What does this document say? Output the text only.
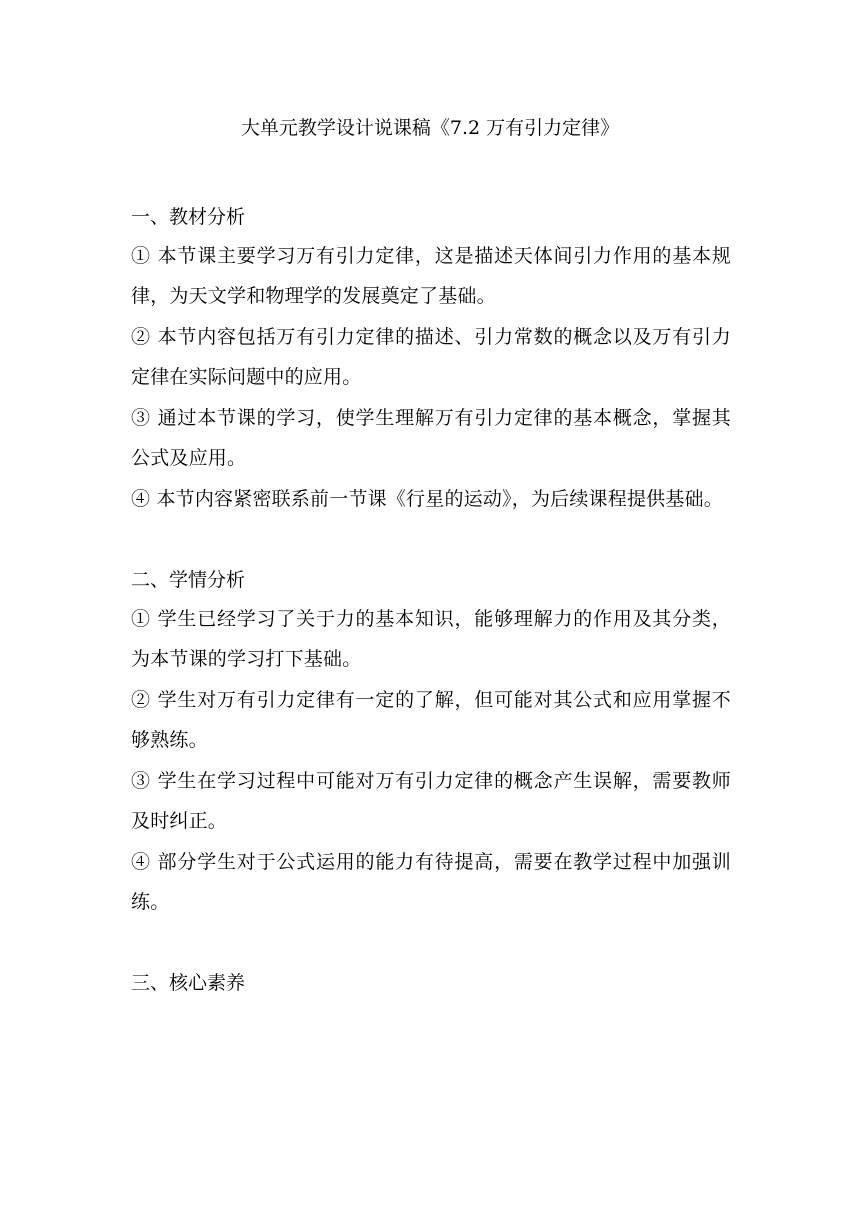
大单元教学设计说课稿《7.2 万有引力定律》
一、教材分析
① 本节课主要学习万有引力定律，这是描述天体间引力作用的基本规律，为天文学和物理学的发展奠定了基础。
② 本节内容包括万有引力定律的描述、引力常数的概念以及万有引力定律在实际问题中的应用。
③ 通过本节课的学习，使学生理解万有引力定律的基本概念，掌握其公式及应用。
④ 本节内容紧密联系前一节课《行星的运动》，为后续课程提供基础。
二、学情分析
① 学生已经学习了关于力的基本知识，能够理解力的作用及其分类，为本节课的学习打下基础。
② 学生对万有引力定律有一定的了解，但可能对其公式和应用掌握不够熟练。
③ 学生在学习过程中可能对万有引力定律的概念产生误解，需要教师及时纠正。
④ 部分学生对于公式运用的能力有待提高，需要在教学过程中加强训练。
三、核心素养
